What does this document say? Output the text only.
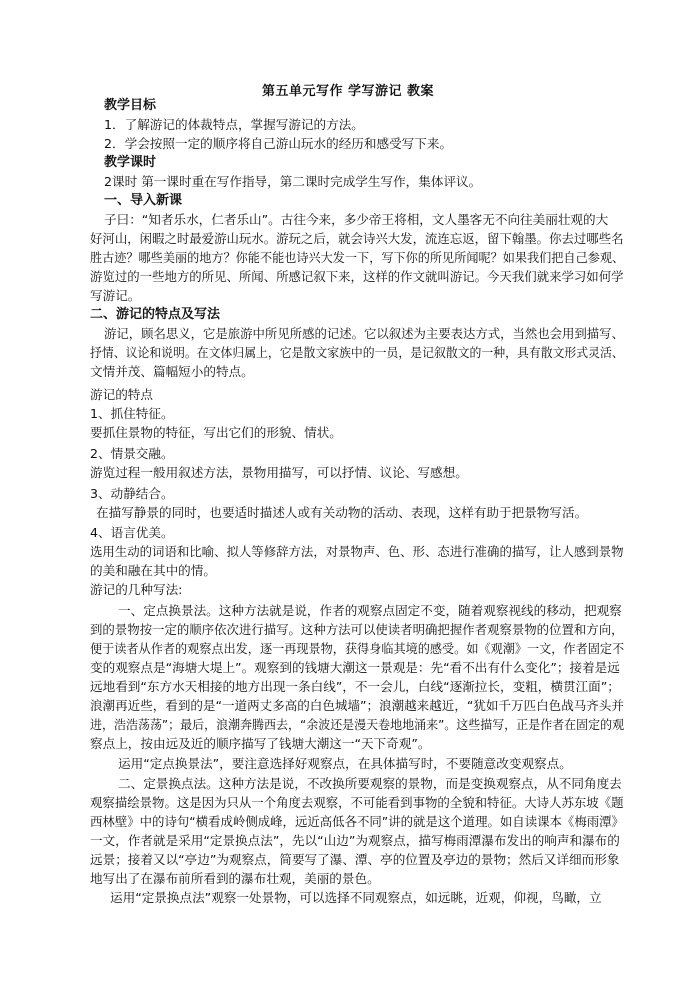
第五单元写作 学写游记 教案
教学目标
1．了解游记的体裁特点，掌握写游记的方法。
2．学会按照一定的顺序将自己游山玩水的经历和感受写下来。
教学课时
2课时 第一课时重在写作指导，第二课时完成学生写作，集体评议。
一、导入新课
子曰：“知者乐水，仁者乐山”。古往今来，多少帝王将相，文人墨客无不向往美丽壮观的大
好河山，闲暇之时最爱游山玩水。游玩之后，就会诗兴大发，流连忘返，留下翰墨。你去过哪些名
胜古迹？哪些美丽的地方？你能不能也诗兴大发一下，写下你的所见所闻呢？如果我们把自己参观、
游览过的一些地方的所见、所闻、所感记叙下来，这样的作文就叫游记。今天我们就来学习如何学
写游记。
二、游记的特点及写法
游记，顾名思义，它是旅游中所见所感的记述。它以叙述为主要表达方式，当然也会用到描写、
抒情、议论和说明。在文体归属上，它是散文家族中的一员，是记叙散文的一种，具有散文形式灵活、
文情并茂、篇幅短小的特点。
游记的特点
1、抓住特征。
要抓住景物的特征，写出它们的形貌、情状。
2、情景交融。
游览过程一般用叙述方法，景物用描写，可以抒情、议论、写感想。
3、动静结合。
在描写静景的同时，也要适时描述人或有关动物的活动、表现，这样有助于把景物写活。
4、语言优美。
选用生动的词语和比喻、拟人等修辞方法，对景物声、色、形、态进行准确的描写，让人感到景物
的美和融在其中的情。
游记的几种写法:
一、定点换景法。这种方法就是说，作者的观察点固定不变，随着观察视线的移动，把观察
到的景物按一定的顺序依次进行描写。这种方法可以使读者明确把握作者观察景物的位置和方向，
便于读者从作者的观察点出发，逐一再现景物，获得身临其境的感受。如《观潮》一文，作者固定不
变的观察点是“海塘大堤上”。观察到的钱塘大潮这一景观是：先“看不出有什么变化”；接着是远
远地看到“东方水天相接的地方出现一条白线”，不一会儿，白线“逐渐拉长，变粗，横贯江面”；
浪潮再近些，看到的是“一道两丈多高的白色城墙”；浪潮越来越近，“犹如千万匹白色战马齐头并
进，浩浩荡荡”；最后，浪潮奔腾西去，“余波还是漫天卷地地涌来”。这些描写，正是作者在固定的观
察点上，按由远及近的顺序描写了钱塘大潮这一“天下奇观”。
运用“定点换景法”，要注意选择好观察点，在具体描写时，不要随意改变观察点。
二、定景换点法。这种方法是说，不改换所要观察的景物，而是变换观察点，从不同角度去
观察描绘景物。这是因为只从一个角度去观察，不可能看到事物的全貌和特征。大诗人苏东坡《题
西林壁》中的诗句“横看成岭侧成峰，远近高低各不同”讲的就是这个道理。如自读课本《梅雨潭》
一文，作者就是采用“定景换点法”，先以“山边”为观察点，描写梅雨潭瀑布发出的响声和瀑布的
远景；接着又以“亭边”为观察点，简要写了瀑、潭、亭的位置及亭边的景物；然后又详细而形象
地写出了在瀑布前所看到的瀑布壮观，美丽的景色。
运用“定景换点法”观察一处景物，可以选择不同观察点，如远眺，近观，仰视，鸟瞰，立
